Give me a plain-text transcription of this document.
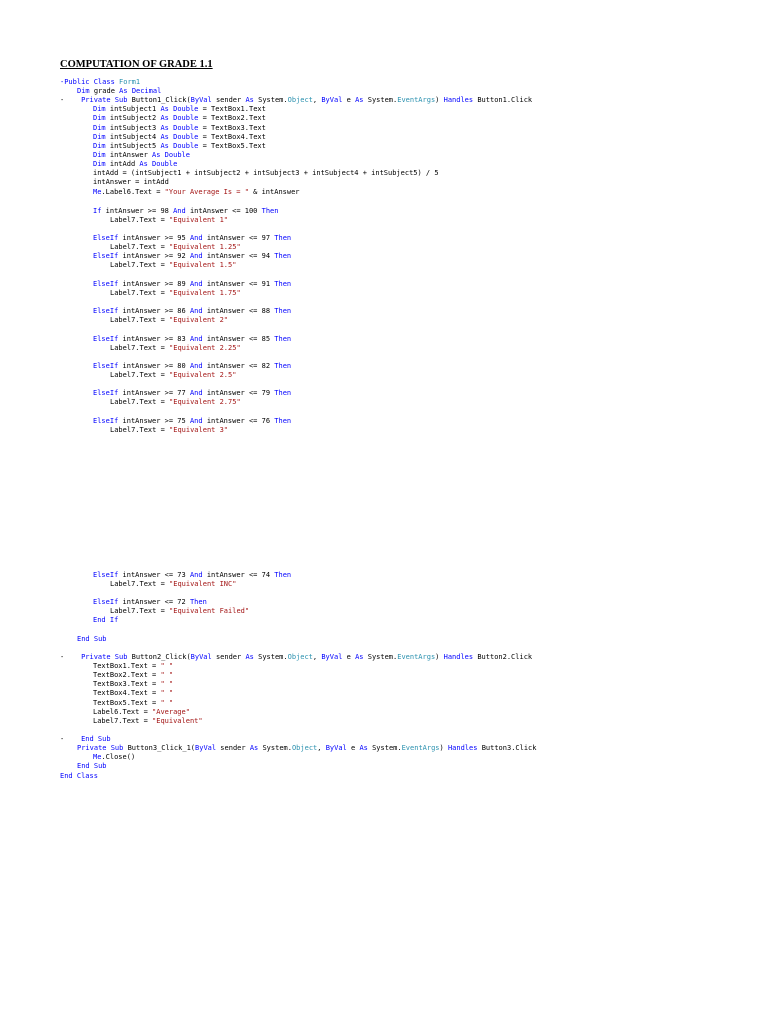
COMPUTATION OF GRADE 1.1
-Public Class Form1
Dim grade As Decimal
-    Private Sub Button1_Click(ByVal sender As System.Object, ByVal e As System.EventArgs) Handles Button1.Click
Dim intSubject1 As Double = TextBox1.Text
Dim intSubject2 As Double = TextBox2.Text
Dim intSubject3 As Double = TextBox3.Text
Dim intSubject4 As Double = TextBox4.Text
Dim intSubject5 As Double = TextBox5.Text
Dim intAnswer As Double
Dim intAdd As Double
intAdd = (intSubject1 + intSubject2 + intSubject3 + intSubject4 + intSubject5) / 5
intAnswer = intAdd
Me.Label6.Text = "Your Average Is = " & intAnswer
If intAnswer >= 98 And intAnswer <= 100 Then
Label7.Text = "Equivalent 1"
ElseIf intAnswer >= 95 And intAnswer <= 97 Then
Label7.Text = "Equivalent 1.25"
ElseIf intAnswer >= 92 And intAnswer <= 94 Then
Label7.Text = "Equivalent 1.5"
ElseIf intAnswer >= 89 And intAnswer <= 91 Then
Label7.Text = "Equivalent 1.75"
ElseIf intAnswer >= 86 And intAnswer <= 88 Then
Label7.Text = "Equivalent 2"
ElseIf intAnswer >= 83 And intAnswer <= 85 Then
Label7.Text = "Equivalent 2.25"
ElseIf intAnswer >= 80 And intAnswer <= 82 Then
Label7.Text = "Equivalent 2.5"
ElseIf intAnswer >= 77 And intAnswer <= 79 Then
Label7.Text = "Equivalent 2.75"
ElseIf intAnswer >= 75 And intAnswer <= 76 Then
Label7.Text = "Equivalent 3"
ElseIf intAnswer <= 73 And intAnswer <= 74 Then
Label7.Text = "Equivalent INC"
ElseIf intAnswer <= 72 Then
Label7.Text = "Equivalent Failed"
End If
End Sub
-    Private Sub Button2_Click(ByVal sender As System.Object, ByVal e As System.EventArgs) Handles Button2.Click
TextBox1.Text = " "
TextBox2.Text = " "
TextBox3.Text = " "
TextBox4.Text = " "
TextBox5.Text = " "
Label6.Text = "Average"
Label7.Text = "Equivalent"
-    End Sub
Private Sub Button3_Click_1(ByVal sender As System.Object, ByVal e As System.EventArgs) Handles Button3.Click
Me.Close()
End Sub
End Class
